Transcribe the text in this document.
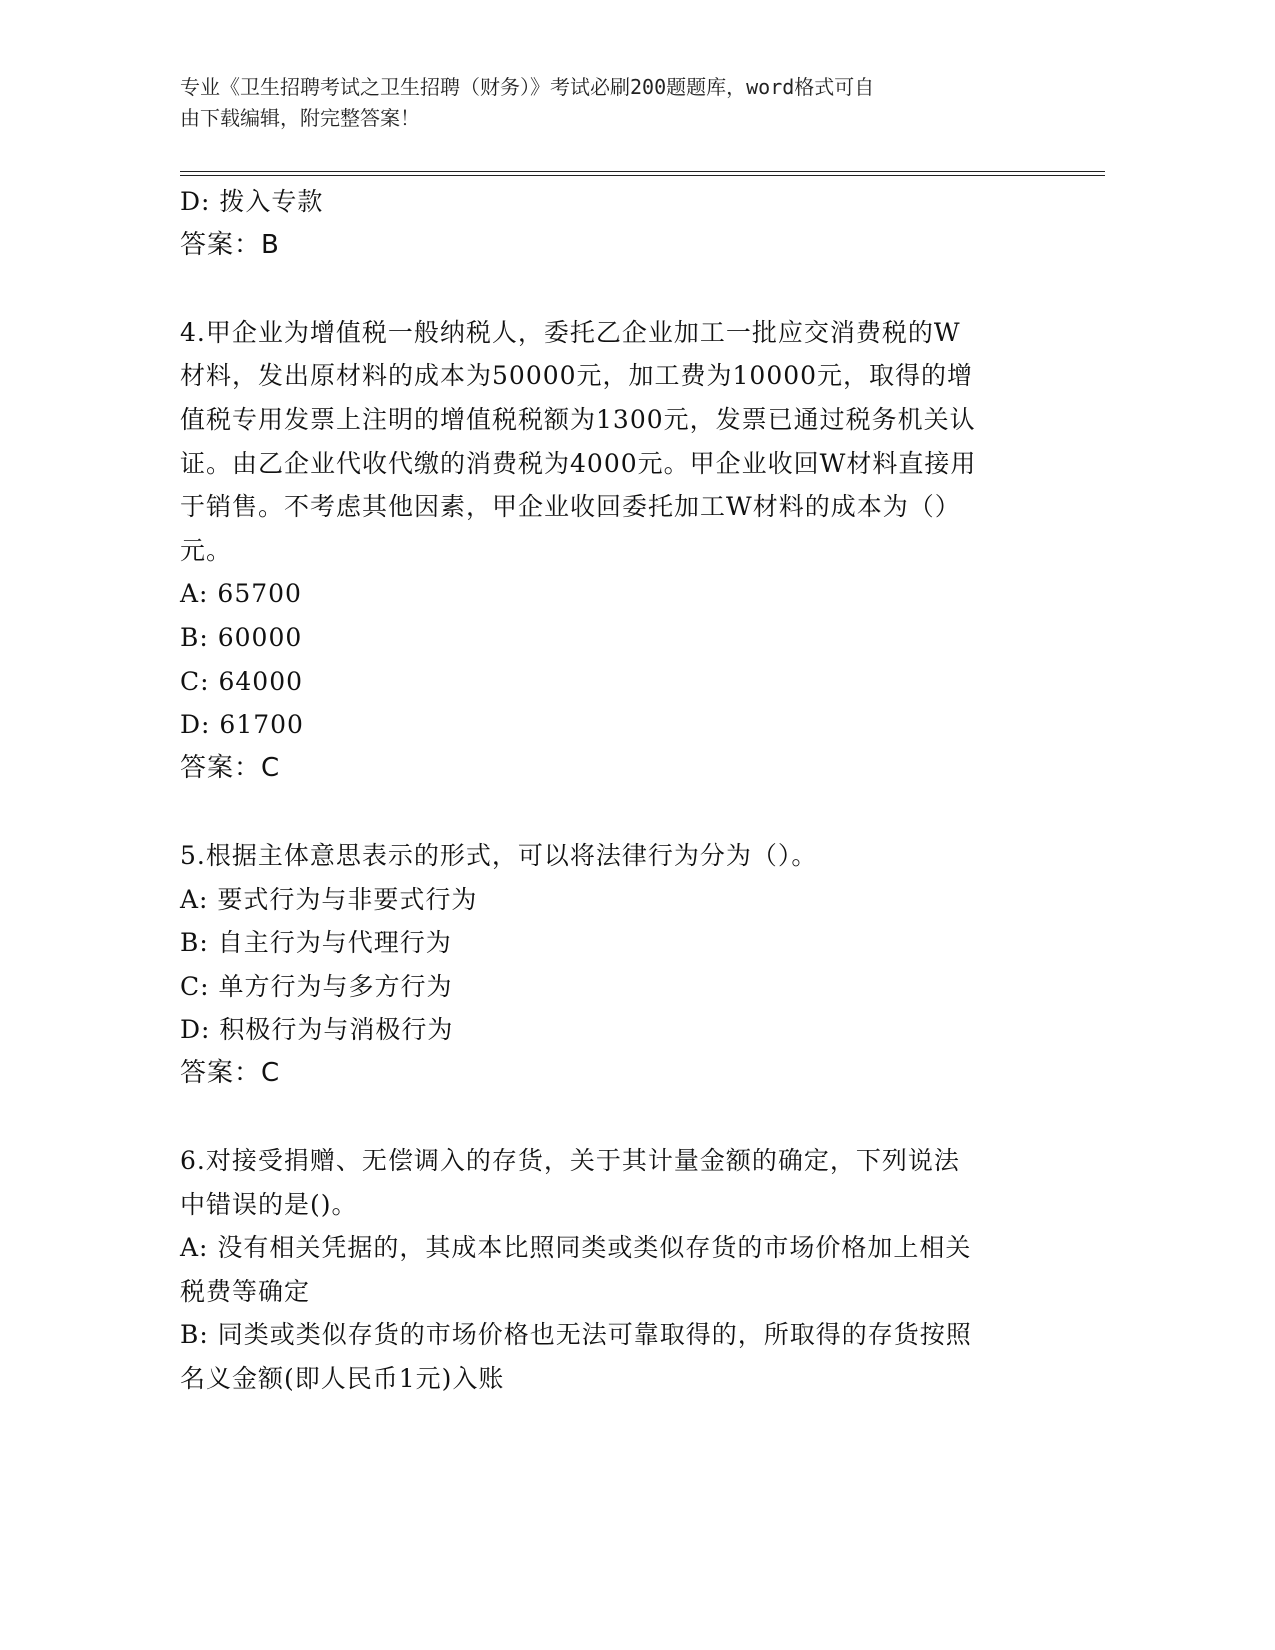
专业《卫生招聘考试之卫生招聘（财务）》考试必刷200题题库，word格式可自
由下载编辑，附完整答案！
D: 拨入专款
答案：B
4.甲企业为增值税一般纳税人，委托乙企业加工一批应交消费税的W
材料，发出原材料的成本为50000元，加工费为10000元，取得的增
值税专用发票上注明的增值税税额为1300元，发票已通过税务机关认
证。由乙企业代收代缴的消费税为4000元。甲企业收回W材料直接用
于销售。不考虑其他因素，甲企业收回委托加工W材料的成本为（）
元。
A: 65700
B: 60000
C: 64000
D: 61700
答案：C
5.根据主体意思表示的形式，可以将法律行为分为（）。
A: 要式行为与非要式行为
B: 自主行为与代理行为
C: 单方行为与多方行为
D: 积极行为与消极行为
答案：C
6.对接受捐赠、无偿调入的存货，关于其计量金额的确定，下列说法
中错误的是()。
A: 没有相关凭据的，其成本比照同类或类似存货的市场价格加上相关
税费等确定
B: 同类或类似存货的市场价格也无法可靠取得的，所取得的存货按照
名义金额(即人民币1元)入账
